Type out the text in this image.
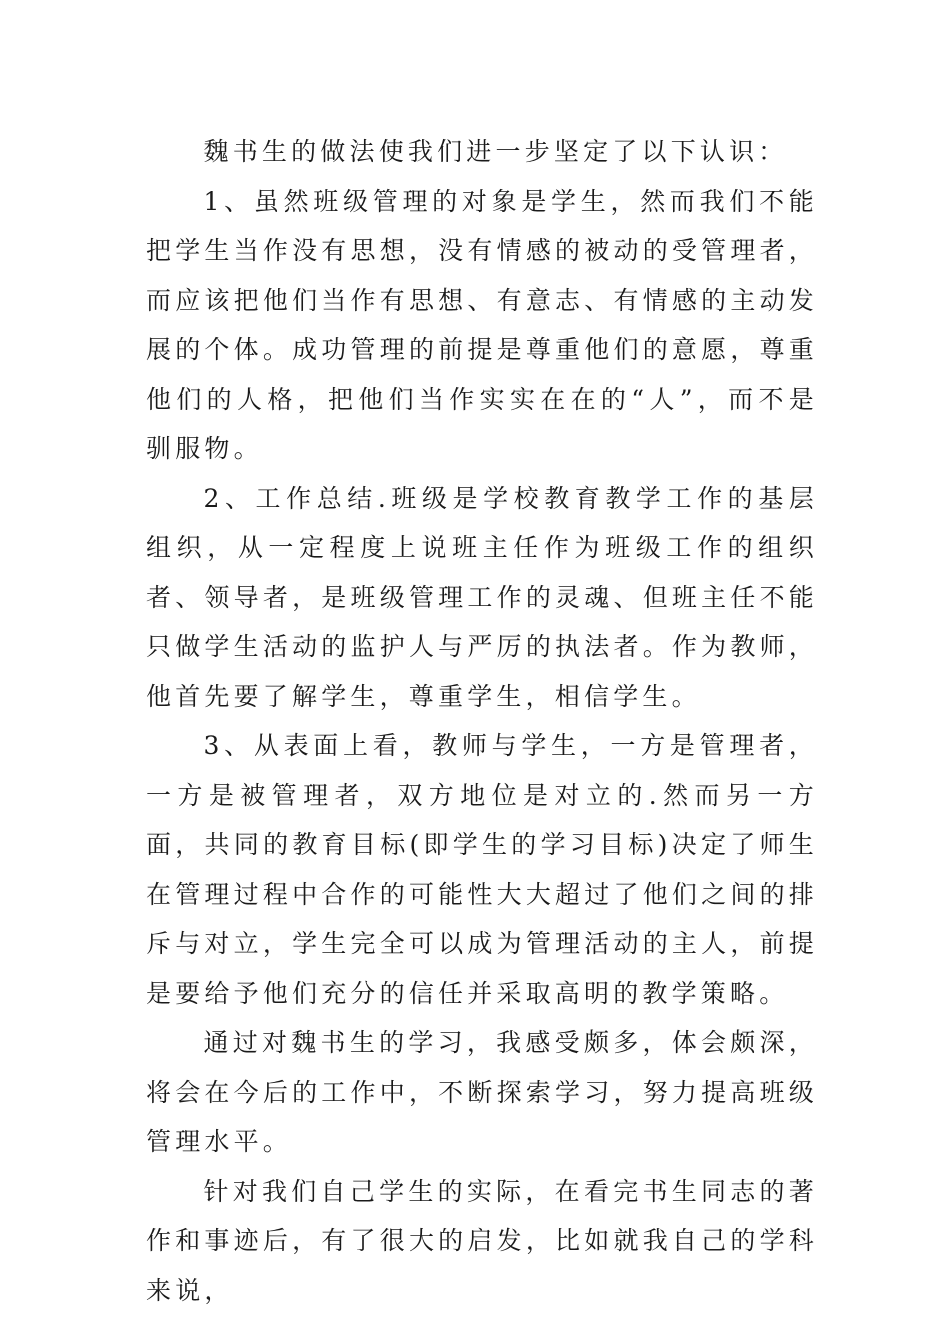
魏书生的做法使我们进一步坚定了以下认识：

1、虽然班级管理的对象是学生，然而我们不能把学生当作没有思想，没有情感的被动的受管理者，而应该把他们当作有思想、有意志、有情感的主动发展的个体。成功管理的前提是尊重他们的意愿，尊重他们的人格，把他们当作实实在在的“人”，而不是驯服物。

2、工作总结.班级是学校教育教学工作的基层组织，从一定程度上说班主任作为班级工作的组织者、领导者，是班级管理工作的灵魂、但班主任不能只做学生活动的监护人与严厉的执法者。作为教师，他首先要了解学生，尊重学生，相信学生。

3、从表面上看，教师与学生，一方是管理者，一方是被管理者，双方地位是对立的.然而另一方面，共同的教育目标(即学生的学习目标)决定了师生在管理过程中合作的可能性大大超过了他们之间的排斥与对立，学生完全可以成为管理活动的主人，前提是要给予他们充分的信任并采取高明的教学策略。

通过对魏书生的学习，我感受颇多，体会颇深，将会在今后的工作中，不断探索学习，努力提高班级管理水平。

针对我们自己学生的实际，在看完书生同志的著作和事迹后，有了很大的启发，比如就我自己的学科来说，
